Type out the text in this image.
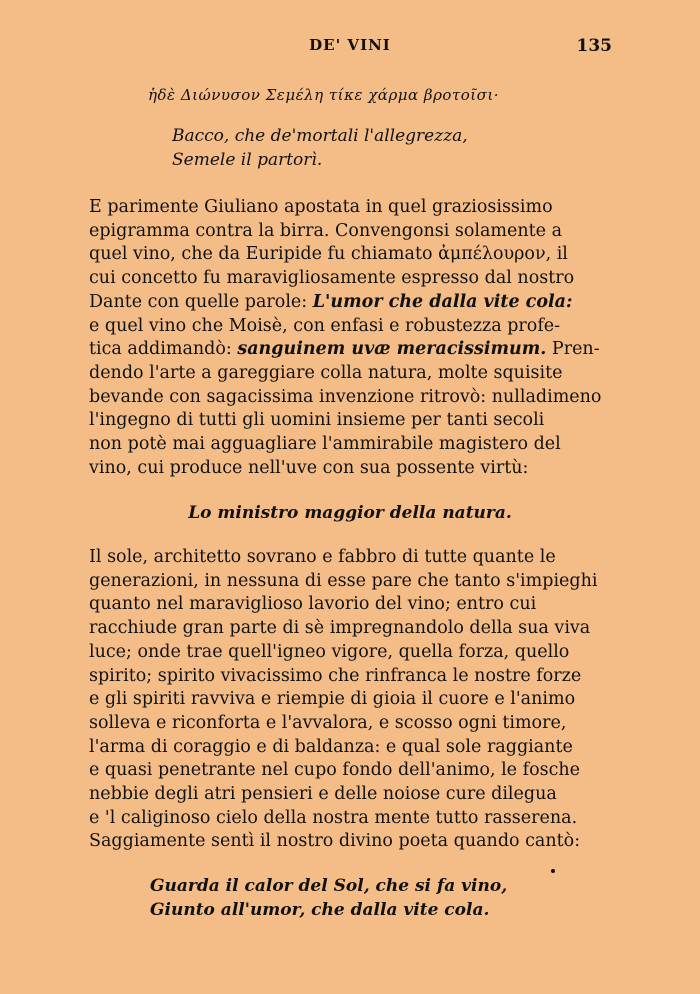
DE' VINI	135
ἡδὲ Διώνυσον Σεμέλη τίκε χάρμα βροτοῖσι·
Bacco, che de'mortali l'allegrezza,
Semele il partorì.
E parimente Giuliano apostata in quel graziosissimo
epigramma contra la birra. Convengonsi solamente a
quel vino, che da Euripide fu chiamato ἀμπέλουρον, il
cui concetto fu maravigliosamente espresso dal nostro
Dante con quelle parole: L'umor che dalla vite cola:
e quel vino che Moisè, con enfasi e robustezza profe-
tica addimandò: sanguinem uvæ meracissimum. Pren-
dendo l'arte a gareggiare colla natura, molte squisite
bevande con sagacissima invenzione ritrovò: nulladimeno
l'ingegno di tutti gli uomini insieme per tanti secoli
non potè mai agguagliare l'ammirabile magistero del
vino, cui produce nell'uve con sua possente virtù:
Lo ministro maggior della natura.
Il sole, architetto sovrano e fabbro di tutte quante le
generazioni, in nessuna di esse pare che tanto s'impieghi
quanto nel maraviglioso lavorio del vino; entro cui
racchiude gran parte di sè impregnandolo della sua viva
luce; onde trae quell'igneo vigore, quella forza, quello
spirito; spirito vivacissimo che rinfranca le nostre forze
e gli spiriti ravviva e riempie di gioia il cuore e l'animo
solleva e riconforta e l'avvalora, e scosso ogni timore,
l'arma di coraggio e di baldanza: e qual sole raggiante
e quasi penetrante nel cupo fondo dell'animo, le fosche
nebbie degli atri pensieri e delle noiose cure dilegua
e 'l caliginoso cielo della nostra mente tutto rasserena.
Saggiamente sentì il nostro divino poeta quando cantò:
Guarda il calor del Sol, che si fa vino,
Giunto all'umor, che dalla vite cola.
